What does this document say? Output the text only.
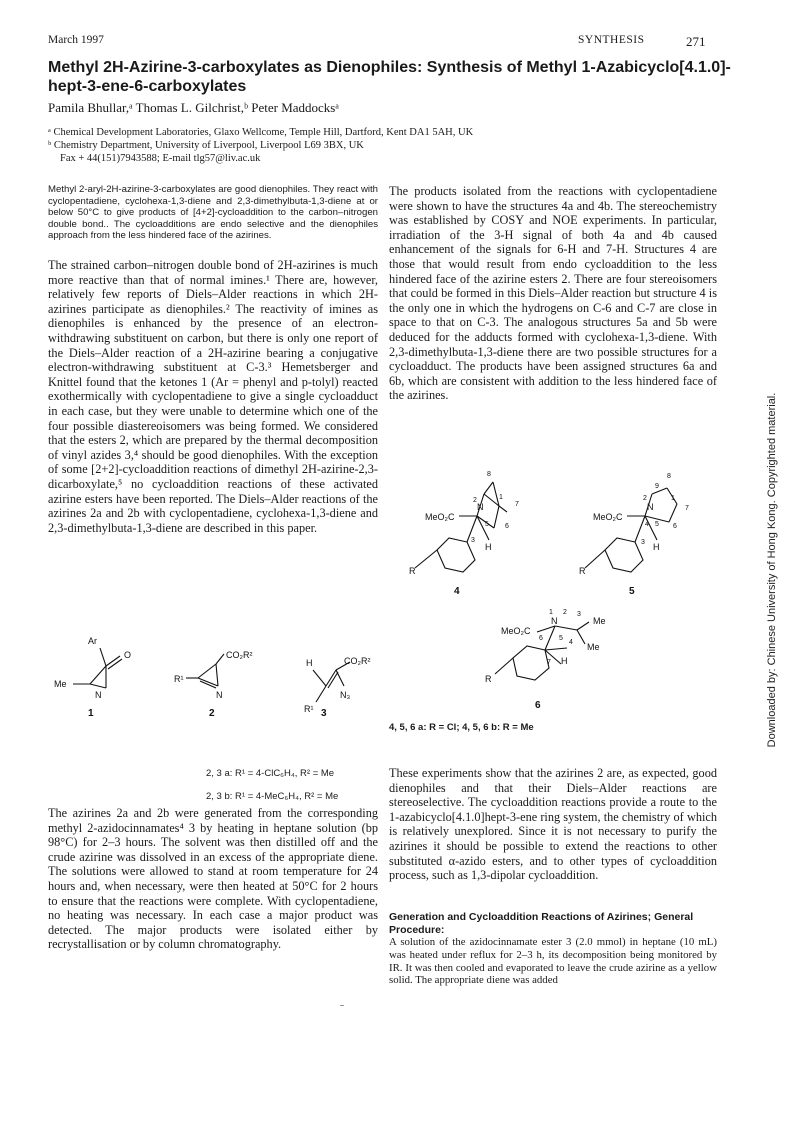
March 1997	SYNTHESIS	271
Methyl 2H-Azirine-3-carboxylates as Dienophiles: Synthesis of Methyl 1-Azabicyclo[4.1.0]-hept-3-ene-6-carboxylates
Pamila Bhullar,ᵃ Thomas L. Gilchrist,ᵇ Peter Maddocksᵃ
ᵃ Chemical Development Laboratories, Glaxo Wellcome, Temple Hill, Dartford, Kent DA1 5AH, UK
ᵇ Chemistry Department, University of Liverpool, Liverpool L69 3BX, UK
Fax + 44(151)7943588; E-mail tlg57@liv.ac.uk
Methyl 2-aryl-2H-azirine-3-carboxylates are good dienophiles. They react with cyclopentadiene, cyclohexa-1,3-diene and 2,3-dimethylbuta-1,3-diene at or below 50°C to give products of [4+2]-cycloaddition to the carbon–nitrogen double bond.. The cycloadditions are endo selective and the dienophiles approach from the less hindered face of the azirines.
The strained carbon–nitrogen double bond of 2H-azirines is much more reactive than that of normal imines.¹ There are, however, relatively few reports of Diels–Alder reactions in which 2H-azirines participate as dienophiles.² The reactivity of imines as dienophiles is enhanced by the presence of an electron-withdrawing substituent on carbon, but there is only one report of the Diels–Alder reaction of a 2H-azirine bearing a conjugative electron-withdrawing substituent at C-3.³ Hemetsberger and Knittel found that the ketones 1 (Ar = phenyl and p-tolyl) reacted exothermically with cyclopentadiene to give a single cycloadduct in each case, but they were unable to determine which one of the four possible diastereoisomers was being formed. We considered that the esters 2, which are prepared by the thermal decomposition of vinyl azides 3,⁴ should be good dienophiles. With the exception of some [2+2]-cycloaddition reactions of dimethyl 2H-azirine-2,3-dicarboxylate,⁵ no cycloaddition reactions of these activated azirine esters have been reported. The Diels–Alder reactions of the azirines 2a and 2b with cyclopentadiene, cyclohexa-1,3-diene and 2,3-dimethylbuta-1,3-diene are described in this paper.
Ar
O
Me
N
1
CO₂R²
R¹
N
2
H	CO₂R²
R¹
N₃
3
2, 3 a: R¹ = 4-ClC₆H₄, R² = Me
2, 3 b: R¹ = 4-MeC₆H₄, R² = Me
The azirines 2a and 2b were generated from the corresponding methyl 2-azidocinnamates⁴ 3 by heating in heptane solution (bp 98°C) for 2–3 hours. The solvent was then distilled off and the crude azirine was dissolved in an excess of the appropriate diene. The solutions were allowed to stand at room temperature for 24 hours and, when necessary, were then heated at 50°C for 2 hours to ensure that the reactions were complete. With cyclopentadiene, no heating was necessary. In each case a major product was detected. The major products were isolated either by recrystallisation or by column chromatography.
The products isolated from the reactions with cyclopentadiene were shown to have the structures 4a and 4b. The stereochemistry was established by COSY and NOE experiments. In particular, irradiation of the 3-H signal of both 4a and 4b caused enhancement of the signals for 6-H and 7-H. Structures 4 are those that would result from endo cycloaddition to the less hindered face of the azirine esters 2. There are four stereoisomers that could be formed in this Diels–Alder reaction but structure 4 is the only one in which the hydrogens on C-6 and C-7 are close in space to that on C-3. The analogous structures 5a and 5b were deduced for the adducts formed with cyclohexa-1,3-diene. With 2,3-dimethylbuta-1,3-diene there are two possible structures for a cycloadduct. The products have been assigned structures 6a and 6b, which are consistent with addition to the less hindered face of the azirines.
8
2	1
7
5 6
3
N
MeO₂C
H
R
4
8
9
2	1
7
6
5
4
3
N
MeO₂C
H
R
5
1 2 3
6 5
4
7
N
MeO₂C
Me
Me
H
R
6
4, 5, 6 a: R = Cl; 4, 5, 6 b: R = Me
These experiments show that the azirines 2 are, as expected, good dienophiles and that their Diels–Alder reactions are stereoselective. The cycloaddition reactions provide a route to the 1-azabicyclo[4.1.0]hept-3-ene ring system, the chemistry of which is relatively unexplored. Since it is not necessary to purify the azirines it should be possible to extend the reactions to other substituted α-azido esters, and to other types of cycloaddition process, such as 1,3-dipolar cycloaddition.
Generation and Cycloaddition Reactions of Azirines; General Procedure:
A solution of the azidocinnamate ester 3 (2.0 mmol) in heptane (10 mL) was heated under reflux for 2–3 h, its decomposition being monitored by IR. It was then cooled and evaporated to leave the crude azirine as a yellow solid. The appropriate diene was added
Downloaded by: Chinese University of Hong Kong. Copyrighted material.
